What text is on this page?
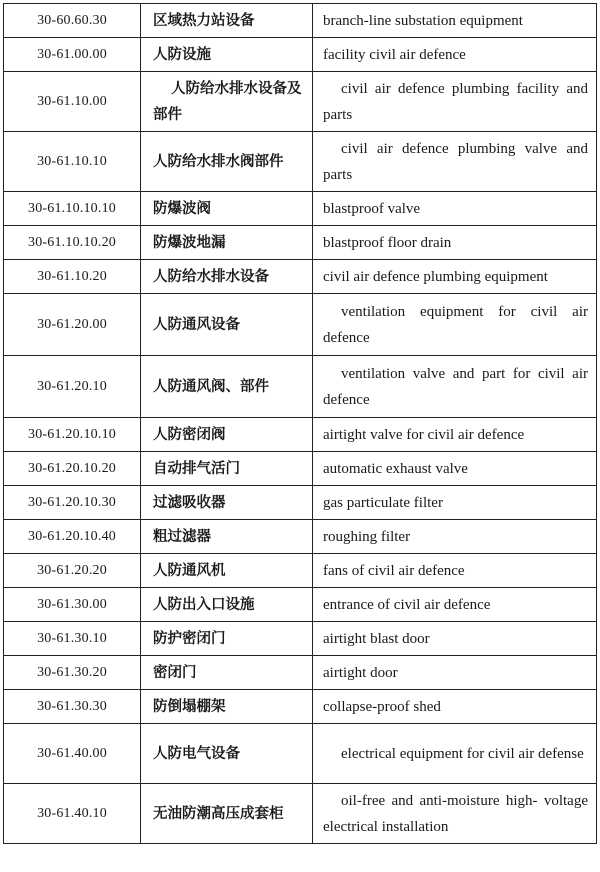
30-60.60.30	区域热力站设备	branch-line substation equipment
30-61.00.00	人防设施	facility civil air defence
30-61.10.00	人防给水排水设备及部件	civil air defence plumbing facility and parts
30-61.10.10	人防给水排水阀部件	civil air defence plumbing valve and parts
30-61.10.10.10	防爆波阀	blastproof valve
30-61.10.10.20	防爆波地漏	blastproof floor drain
30-61.10.20	人防给水排水设备	civil air defence plumbing equipment
30-61.20.00	人防通风设备	ventilation equipment for civil air defence
30-61.20.10	人防通风阀、部件	ventilation valve and part for civil air defence
30-61.20.10.10	人防密闭阀	airtight valve for civil air defence
30-61.20.10.20	自动排气活门	automatic exhaust valve
30-61.20.10.30	过滤吸收器	gas particulate filter
30-61.20.10.40	粗过滤器	roughing filter
30-61.20.20	人防通风机	fans of civil air defence
30-61.30.00	人防出入口设施	entrance of civil air defence
30-61.30.10	防护密闭门	airtight blast door
30-61.30.20	密闭门	airtight door
30-61.30.30	防倒塌棚架	collapse-proof shed
30-61.40.00	人防电气设备	electrical equipment for civil air defense
30-61.40.10	无油防潮高压成套柜	oil-free and anti-moisture high- voltage electrical installation
